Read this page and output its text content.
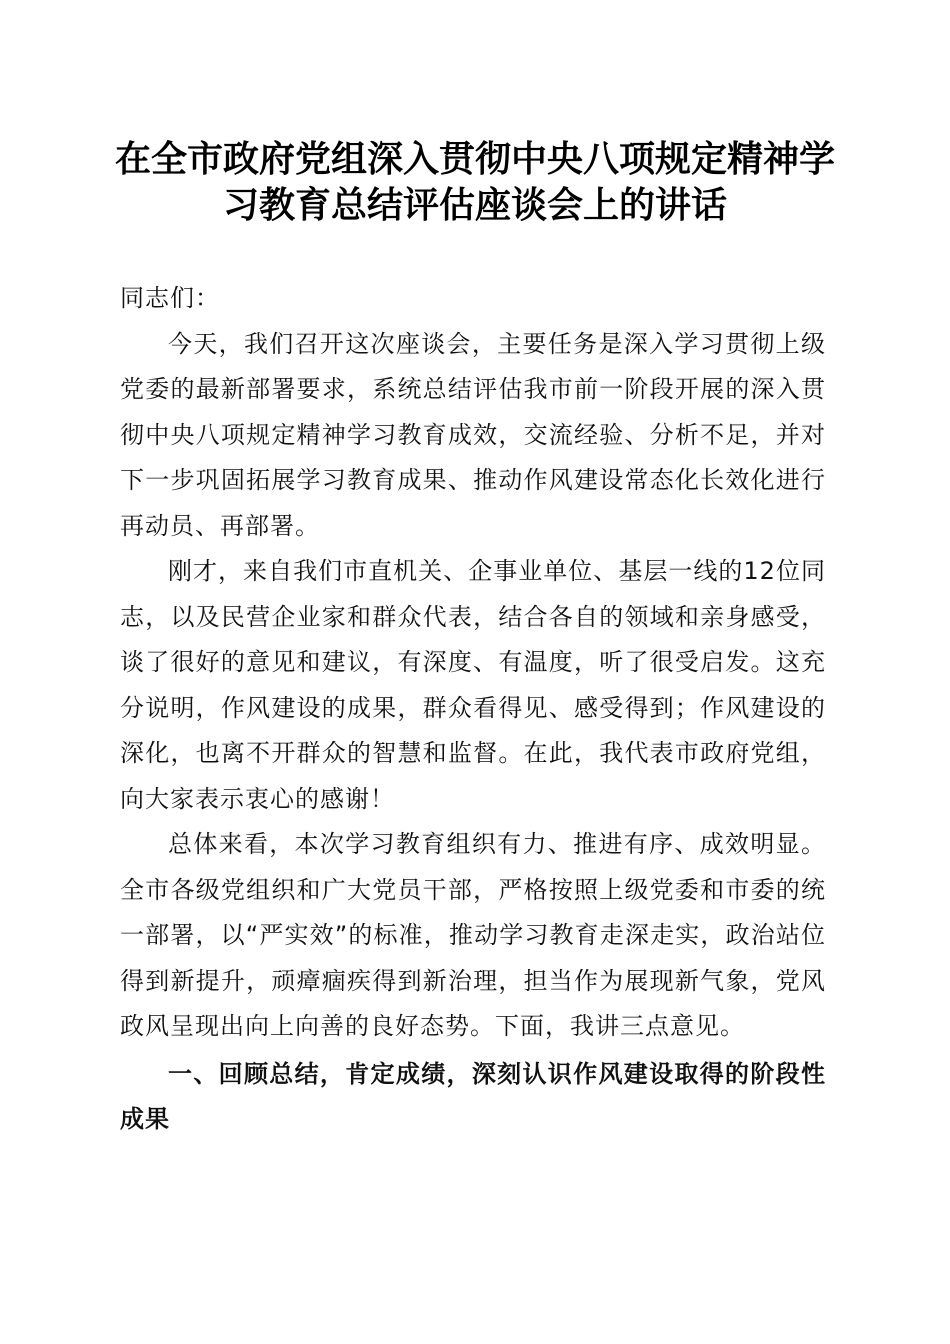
在全市政府党组深入贯彻中央八项规定精神学
习教育总结评估座谈会上的讲话

同志们：

今天，我们召开这次座谈会，主要任务是深入学习贯彻上级党委的最新部署要求，系统总结评估我市前一阶段开展的深入贯彻中央八项规定精神学习教育成效，交流经验、分析不足，并对下一步巩固拓展学习教育成果、推动作风建设常态化长效化进行再动员、再部署。

刚才，来自我们市直机关、企事业单位、基层一线的12位同志，以及民营企业家和群众代表，结合各自的领域和亲身感受，谈了很好的意见和建议，有深度、有温度，听了很受启发。这充分说明，作风建设的成果，群众看得见、感受得到；作风建设的深化，也离不开群众的智慧和监督。在此，我代表市政府党组，向大家表示衷心的感谢！

总体来看，本次学习教育组织有力、推进有序、成效明显。全市各级党组织和广大党员干部，严格按照上级党委和市委的统一部署，以“严实效”的标准，推动学习教育走深走实，政治站位得到新提升，顽瘴痼疾得到新治理，担当作为展现新气象，党风政风呈现出向上向善的良好态势。下面，我讲三点意见。

一、回顾总结，肯定成绩，深刻认识作风建设取得的阶段性成果
